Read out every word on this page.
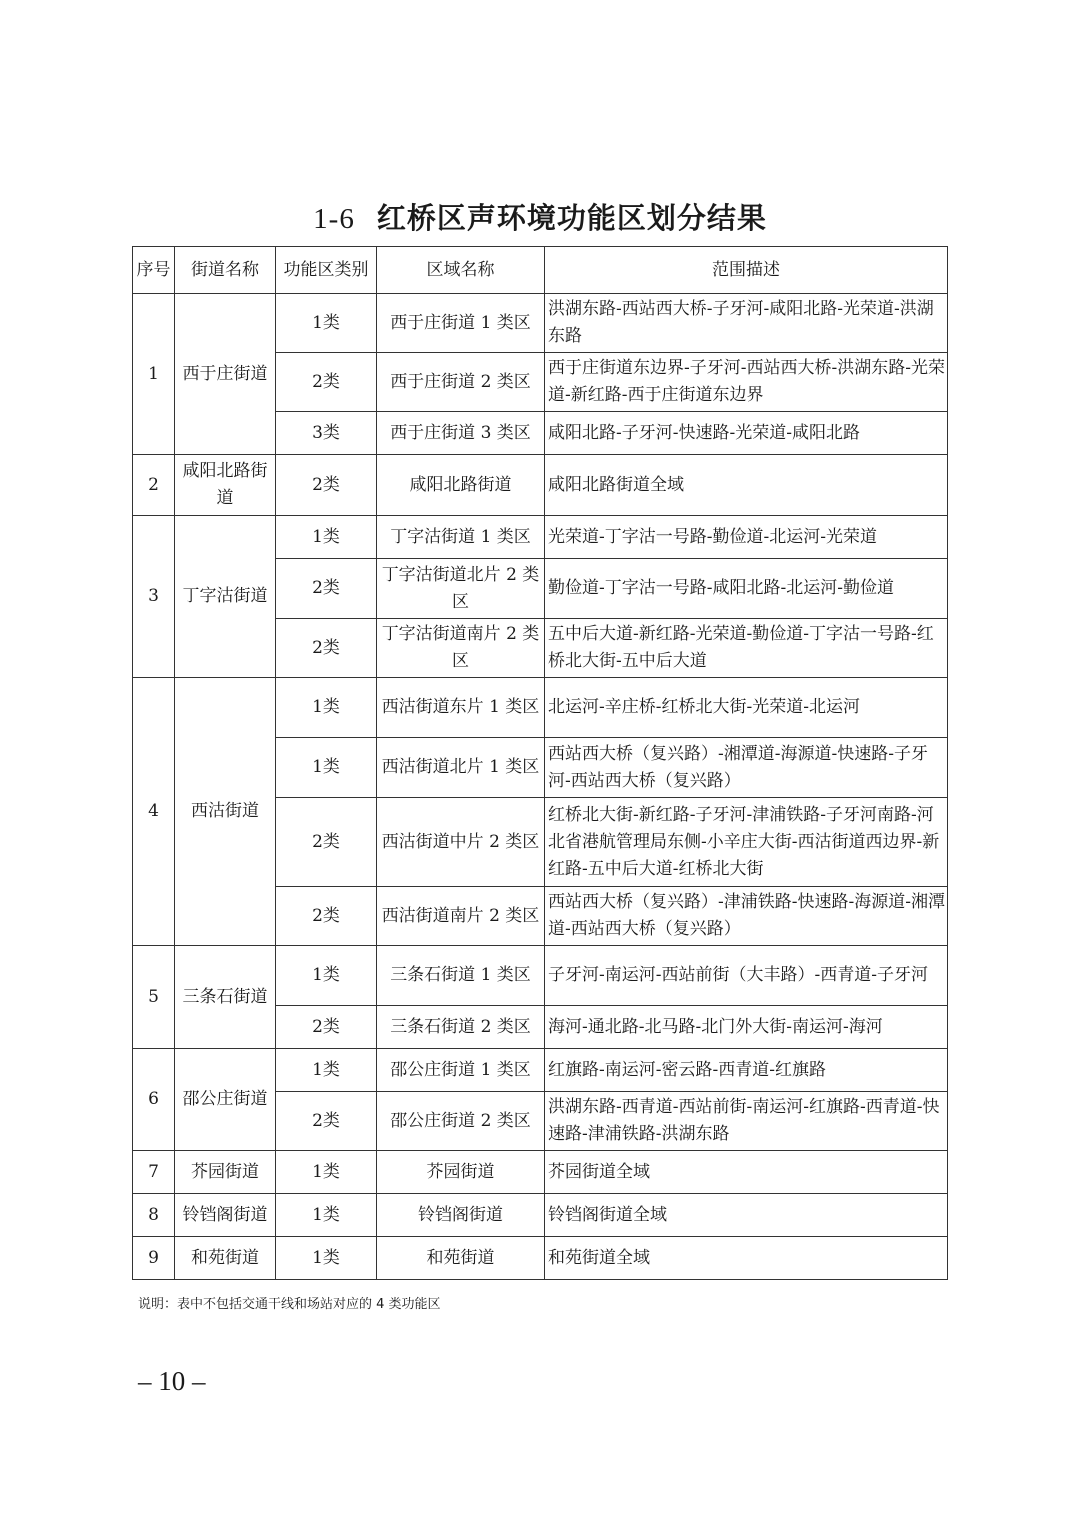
1-6 红桥区声环境功能区划分结果
序号	街道名称	功能区类别	区域名称	范围描述
1	西于庄街道	1类	西于庄街道 1 类区	洪湖东路-西站西大桥-子牙河-咸阳北路-光荣道-洪湖东路
		2类	西于庄街道 2 类区	西于庄街道东边界-子牙河-西站西大桥-洪湖东路-光荣道-新红路-西于庄街道东边界
		3类	西于庄街道 3 类区	咸阳北路-子牙河-快速路-光荣道-咸阳北路
2	咸阳北路街道	2类	咸阳北路街道	咸阳北路街道全域
3	丁字沽街道	1类	丁字沽街道 1 类区	光荣道-丁字沽一号路-勤俭道-北运河-光荣道
		2类	丁字沽街道北片 2 类区	勤俭道-丁字沽一号路-咸阳北路-北运河-勤俭道
		2类	丁字沽街道南片 2 类区	五中后大道-新红路-光荣道-勤俭道-丁字沽一号路-红桥北大街-五中后大道
4	西沽街道	1类	西沽街道东片 1 类区	北运河-辛庄桥-红桥北大街-光荣道-北运河
		1类	西沽街道北片 1 类区	西站西大桥（复兴路）-湘潭道-海源道-快速路-子牙河-西站西大桥（复兴路）
		2类	西沽街道中片 2 类区	红桥北大街-新红路-子牙河-津浦铁路-子牙河南路-河北省港航管理局东侧-小辛庄大街-西沽街道西边界-新红路-五中后大道-红桥北大街
		2类	西沽街道南片 2 类区	西站西大桥（复兴路）-津浦铁路-快速路-海源道-湘潭道-西站西大桥（复兴路）
5	三条石街道	1类	三条石街道 1 类区	子牙河-南运河-西站前街（大丰路）-西青道-子牙河
		2类	三条石街道 2 类区	海河-通北路-北马路-北门外大街-南运河-海河
6	邵公庄街道	1类	邵公庄街道 1 类区	红旗路-南运河-密云路-西青道-红旗路
		2类	邵公庄街道 2 类区	洪湖东路-西青道-西站前街-南运河-红旗路-西青道-快速路-津浦铁路-洪湖东路
7	芥园街道	1类	芥园街道	芥园街道全域
8	铃铛阁街道	1类	铃铛阁街道	铃铛阁街道全域
9	和苑街道	1类	和苑街道	和苑街道全域
说明：表中不包括交通干线和场站对应的 4 类功能区
– 10 –
